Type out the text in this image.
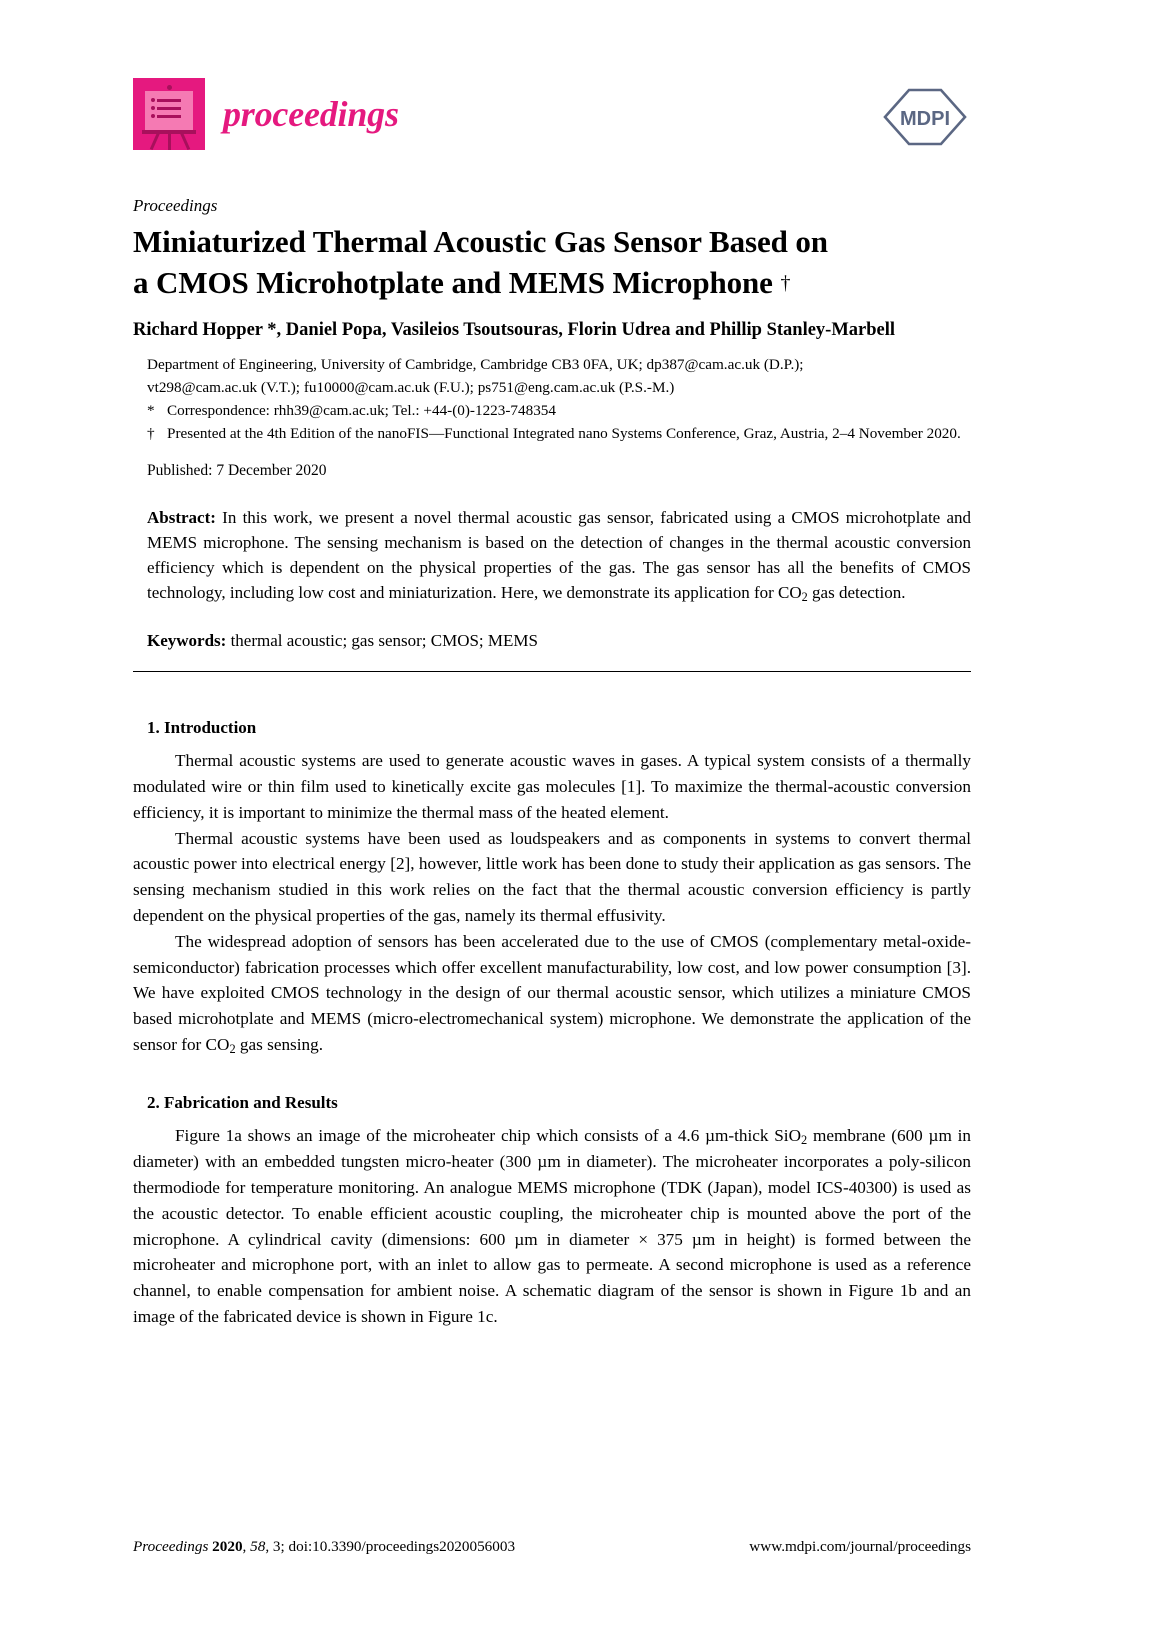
proceedings	MDPI
Proceedings
Miniaturized Thermal Acoustic Gas Sensor Based on
a CMOS Microhotplate and MEMS Microphone †
Richard Hopper *, Daniel Popa, Vasileios Tsoutsouras, Florin Udrea and Phillip Stanley-Marbell

Department of Engineering, University of Cambridge, Cambridge CB3 0FA, UK; dp387@cam.ac.uk (D.P.);

vt298@cam.ac.uk (V.T.); fu10000@cam.ac.uk (F.U.); ps751@eng.cam.ac.uk (P.S.-M.)

* Correspondence: rhh39@cam.ac.uk; Tel.: +44-(0)-1223-748354

† Presented at the 4th Edition of the nanoFIS—Functional Integrated nano Systems Conference, Graz, Austria, 2–4 November 2020.

Published: 7 December 2020
Abstract: In this work, we present a novel thermal acoustic gas sensor, fabricated using a CMOS microhotplate and MEMS microphone. The sensing mechanism is based on the detection of changes in the thermal acoustic conversion efficiency which is dependent on the physical properties of the gas. The gas sensor has all the benefits of CMOS technology, including low cost and miniaturization. Here, we demonstrate its application for $CO_2$ gas detection.
Keywords: thermal acoustic; gas sensor; CMOS; MEMS
1. Introduction

Thermal acoustic systems are used to generate acoustic waves in gases. A typical system consists of a thermally modulated wire or thin film used to kinetically excite gas molecules [1]. To maximize the thermal-acoustic conversion efficiency, it is important to minimize the thermal mass of the heated element.

Thermal acoustic systems have been used as loudspeakers and as components in systems to convert thermal acoustic power into electrical energy [2], however, little work has been done to study their application as gas sensors. The sensing mechanism studied in this work relies on the fact that the thermal acoustic conversion efficiency is partly dependent on the physical properties of the gas, namely its thermal effusivity.

The widespread adoption of sensors has been accelerated due to the use of CMOS (complementary metal-oxide-semiconductor) fabrication processes which offer excellent manufacturability, low cost, and low power consumption [3]. We have exploited CMOS technology in the design of our thermal acoustic sensor, which utilizes a miniature CMOS based microhotplate and MEMS (micro-electromechanical system) microphone. We demonstrate the application of the sensor for $CO_2$ gas sensing.

2. Fabrication and Results

Figure 1a shows an image of the microheater chip which consists of a 4.6 µm-thick SiO$_2$ membrane (600 µm in diameter) with an embedded tungsten micro-heater (300 µm in diameter). The microheater incorporates a poly-silicon thermodiode for temperature monitoring. An analogue MEMS microphone (TDK (Japan), model ICS-40300) is used as the acoustic detector. To enable efficient acoustic coupling, the microheater chip is mounted above the port of the microphone. A cylindrical cavity (dimensions: 600 µm in diameter × 375 µm in height) is formed between the microheater and microphone port, with an inlet to allow gas to permeate. A second microphone is used as a reference channel, to enable compensation for ambient noise. A schematic diagram of the sensor is shown in Figure 1b and an image of the fabricated device is shown in Figure 1c.

Proceedings 2020, 58, 3; doi:10.3390/proceedings2020056003	www.mdpi.com/journal/proceedings
